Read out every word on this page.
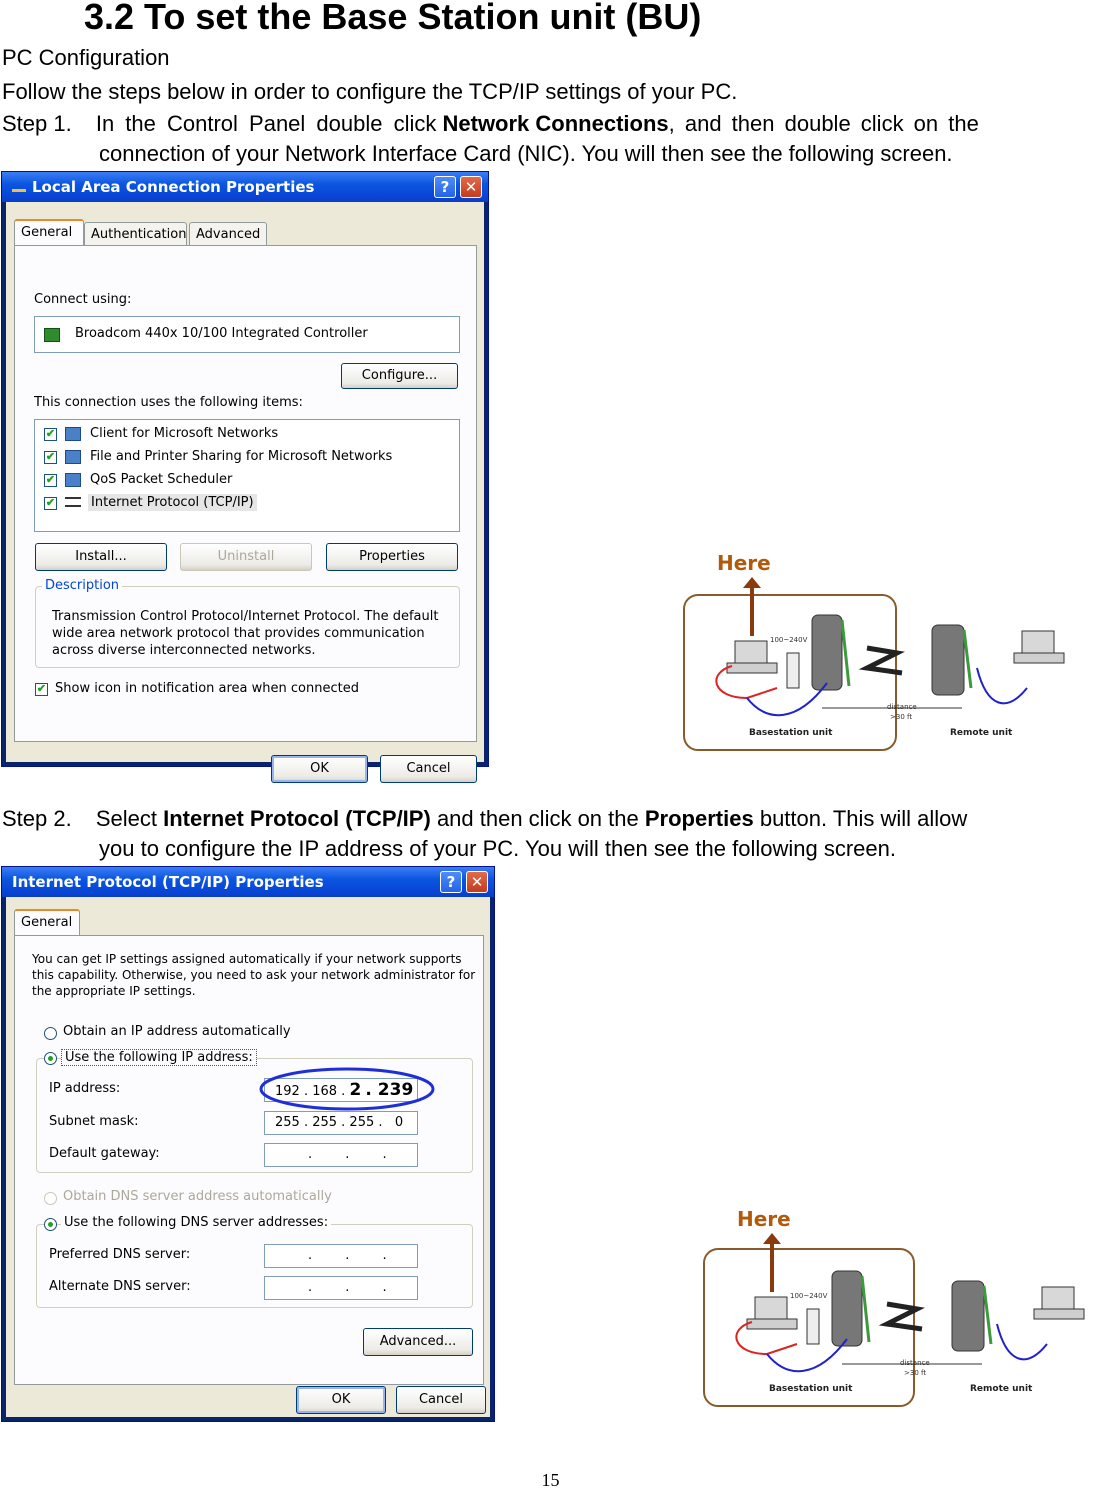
3.2 To set the Base Station unit (BU)
PC Configuration
Follow the steps below in order to configure the TCP/IP settings of your PC.
Step 1. In the Control Panel double click Network Connections, and then double click on the
connection of your Network Interface Card (NIC). You will then see the following screen.
Local Area Connection Properties	?	✕
General	Authentication Advanced
Connect using:
Broadcom 440x 10/100 Integrated Controller
Configure...
This connection uses the following items:
✔	Client for Microsoft Networks
✔	File and Printer Sharing for Microsoft Networks
✔	QoS Packet Scheduler
✔	Internet Protocol (TCP/IP)
Install...	Uninstall	Properties
Transmission Control Protocol/Internet Protocol. The default
wide area network protocol that provides communication
across diverse interconnected networks.
Description
✔ Show icon in notification area when connected
OK	Cancel
Here
distance
>30 ft
100~240V
Basestation unit	Remote unit
Step 2. Select Internet Protocol (TCP/IP) and then click on the Properties button. This will allow
you to configure the IP address of your PC. You will then see the following screen.
Internet Protocol (TCP/IP) Properties	?	✕
General
You can get IP settings assigned automatically if your network supports
this capability. Otherwise, you need to ask your network administrator for
the appropriate IP settings.
Obtain an IP address automatically
Use the following IP address:
IP address:	192 . 168 . 2 . 239
Subnet mask:	255 . 255 . 255 .   0
Default gateway:	.        .        .
Obtain DNS server address automatically
Use the following DNS server addresses:
Preferred DNS server:	.        .        .
Alternate DNS server:	.        .        .
Advanced...
OK	Cancel
Here
distance
>30 ft
100~240V
Basestation unit	Remote unit
15
